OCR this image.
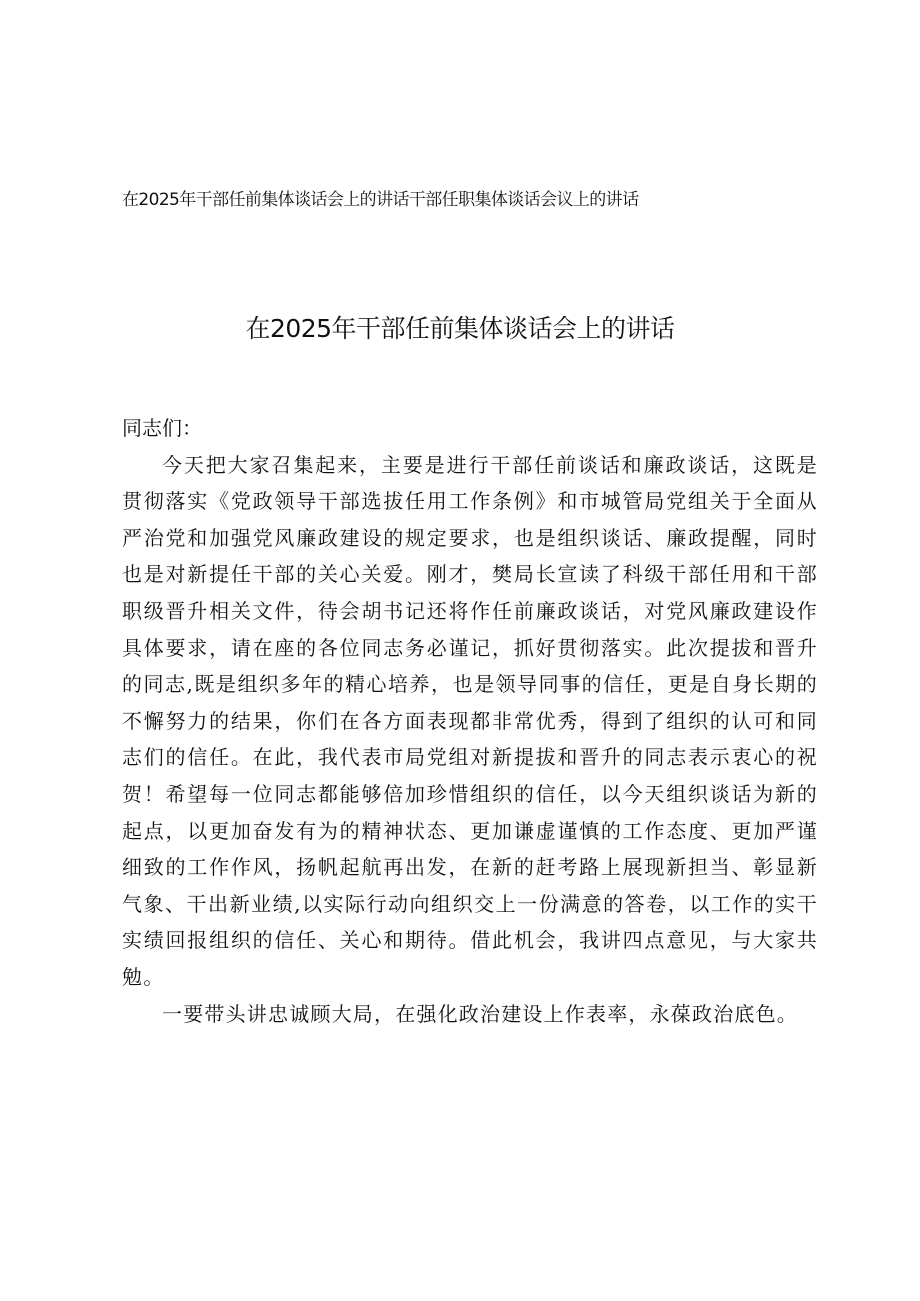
在2025年干部任前集体谈话会上的讲话干部任职集体谈话会议上的讲话
在2025年干部任前集体谈话会上的讲话

同志们：

今天把大家召集起来，主要是进行干部任前谈话和廉政谈话，这既是贯彻落实《党政领导干部选拔任用工作条例》和市城管局党组关于全面从严治党和加强党风廉政建设的规定要求，也是组织谈话、廉政提醒，同时也是对新提任干部的关心关爱。刚才，樊局长宣读了科级干部任用和干部职级晋升相关文件，待会胡书记还将作任前廉政谈话，对党风廉政建设作具体要求，请在座的各位同志务必谨记，抓好贯彻落实。此次提拔和晋升的同志,既是组织多年的精心培养，也是领导同事的信任，更是自身长期的不懈努力的结果，你们在各方面表现都非常优秀，得到了组织的认可和同志们的信任。在此，我代表市局党组对新提拔和晋升的同志表示衷心的祝贺！希望每一位同志都能够倍加珍惜组织的信任，以今天组织谈话为新的起点，以更加奋发有为的精神状态、更加谦虚谨慎的工作态度、更加严谨细致的工作作风，扬帆起航再出发，在新的赶考路上展现新担当、彰显新气象、干出新业绩,以实际行动向组织交上一份满意的答卷，以工作的实干实绩回报组织的信任、关心和期待。借此机会，我讲四点意见，与大家共勉。

一要带头讲忠诚顾大局，在强化政治建设上作表率，永葆政治底色。
